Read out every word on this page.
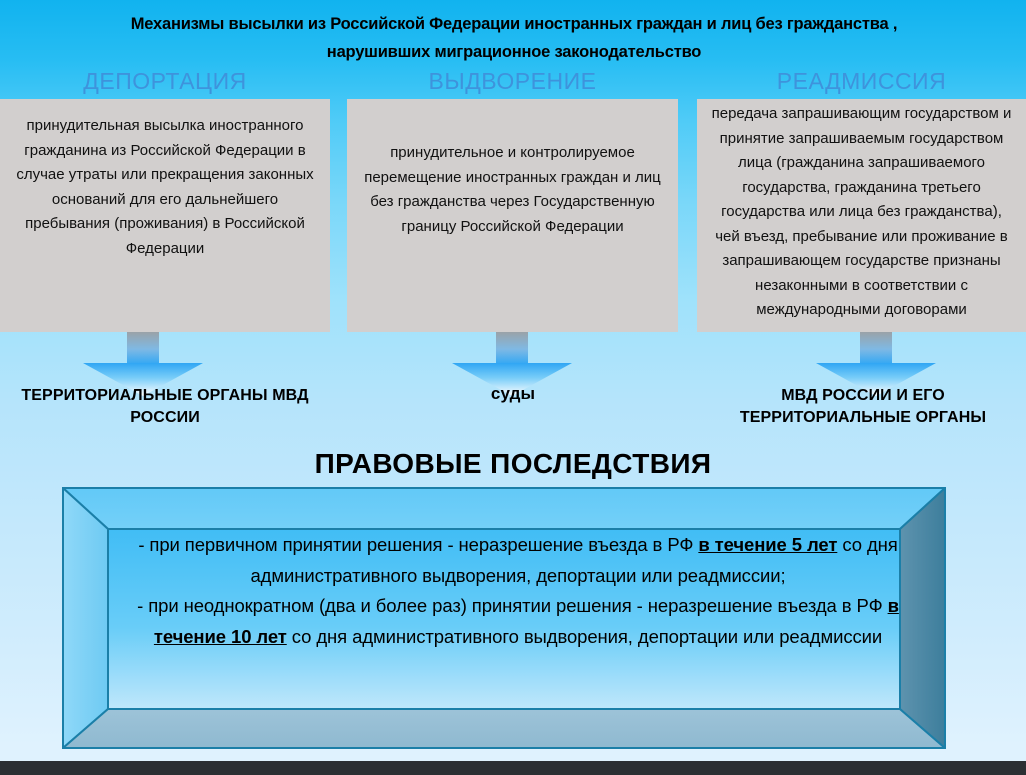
Механизмы высылки из Российской Федерации иностранных граждан и лиц без гражданства , нарушивших миграционное законодательство
ДЕПОРТАЦИЯ	ВЫДВОРЕНИЕ	РЕАДМИССИЯ
принудительная высылка иностранного гражданина из Российской Федерации в случае утраты или прекращения законных оснований для его дальнейшего пребывания (проживания) в Российской Федерации
принудительное и контролируемое перемещение иностранных граждан и лиц без гражданства через Государственную границу Российской Федерации
передача запрашивающим государством и принятие запрашиваемым государством лица (гражданина запрашиваемого государства, гражданина третьего государства или лица без гражданства), чей въезд, пребывание или проживание в запрашивающем государстве признаны незаконными в соответствии с международными договорами
ТЕРРИТОРИАЛЬНЫЕ ОРГАНЫ МВД РОССИИ
суды	МВД РОССИИ И ЕГО ТЕРРИТОРИАЛЬНЫЕ ОРГАНЫ
ПРАВОВЫЕ ПОСЛЕДСТВИЯ

- при первичном принятии решения - неразрешение въезда в РФ в течение 5 лет со дня административного выдворения, депортации или реадмиссии;

- при неоднократном (два и более раз) принятии решения - неразрешение въезда в РФ в течение 10 лет со дня административного выдворения, депортации или реадмиссии
